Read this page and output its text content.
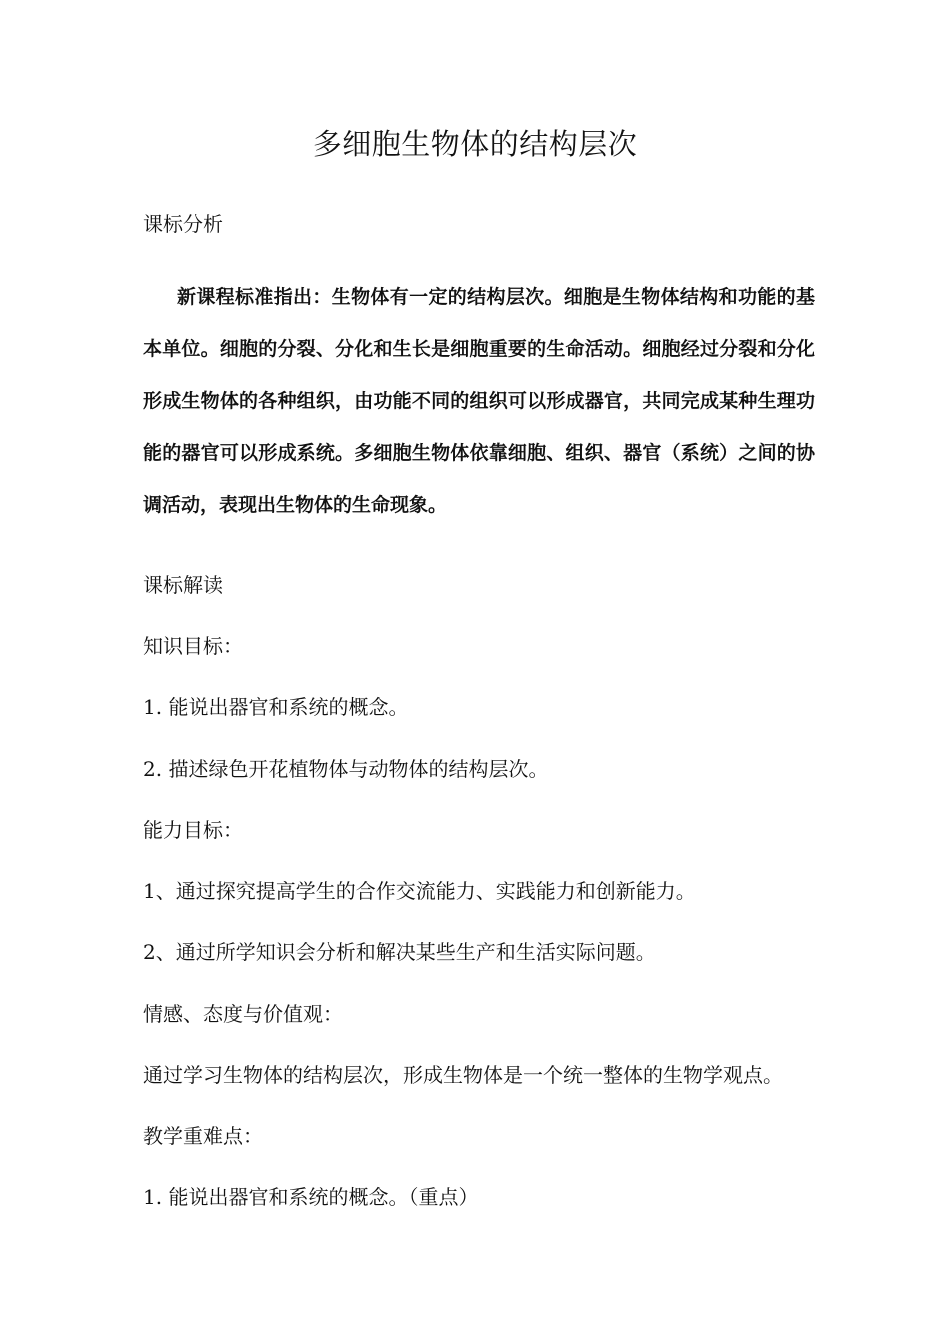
多细胞生物体的结构层次
课标分析
新课程标准指出：生物体有一定的结构层次。细胞是生物体结构和功能的基本单位。细胞的分裂、分化和生长是细胞重要的生命活动。细胞经过分裂和分化形成生物体的各种组织，由功能不同的组织可以形成器官，共同完成某种生理功能的器官可以形成系统。多细胞生物体依靠细胞、组织、器官（系统）之间的协调活动，表现出生物体的生命现象。
课标解读
知识目标：
1. 能说出器官和系统的概念。
2. 描述绿色开花植物体与动物体的结构层次。
能力目标：
1、通过探究提高学生的合作交流能力、实践能力和创新能力。
2、通过所学知识会分析和解决某些生产和生活实际问题。
情感、态度与价值观：
通过学习生物体的结构层次，形成生物体是一个统一整体的生物学观点。
教学重难点：
1. 能说出器官和系统的概念。（重点）
